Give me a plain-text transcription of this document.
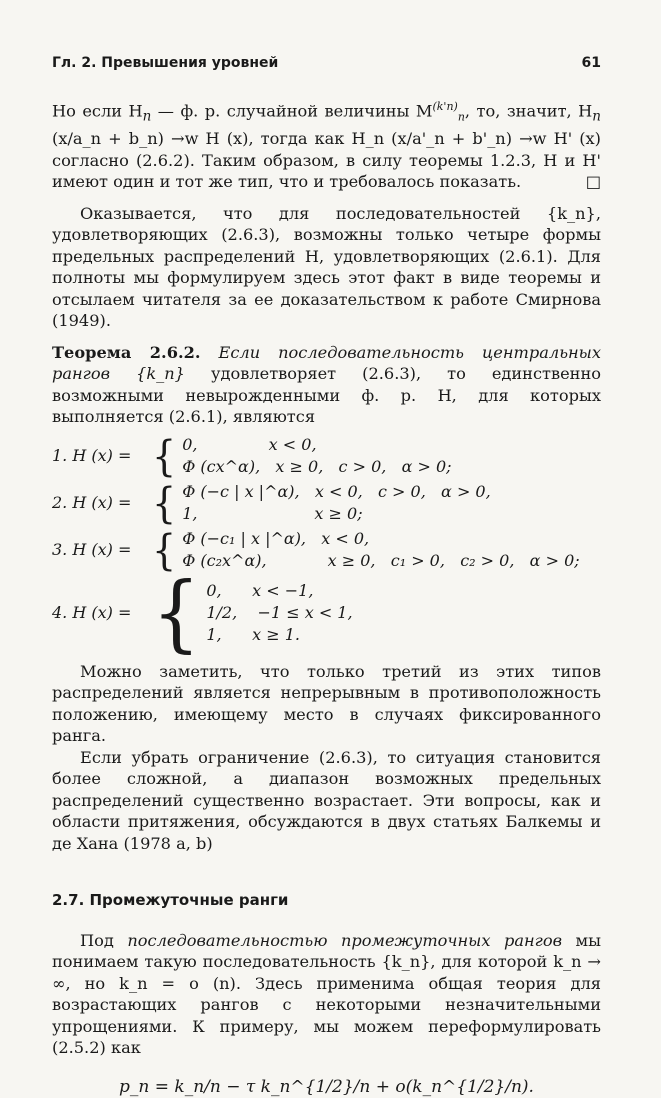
Гл. 2. Превышения уровней	61

Но если $H_n$ — ф. р. случайной величины $M^{(k'n)}_n$, то, значит, $H_n$ (x/a_n + b_n) →w H (x), тогда как H_n (x/a'_n + b'_n) →w H' (x) согласно (2.6.2). Таким образом, в силу теоремы 1.2.3, H и H' имеют один и тот же тип, что и требовалось показать.	□

Оказывается, что для последовательностей {k_n}, удовлетворяющих (2.6.3), возможны только четыре формы предельных распределений H, удовлетворяющих (2.6.1). Для полноты мы формулируем здесь этот факт в виде теоремы и отсылаем читателя за ее доказательством к работе Смирнова (1949).

Теорема 2.6.2. Если последовательность центральных рангов {k_n} удовлетворяет (2.6.3), то единственно возможными невырожденными ф. р. H, для которых выполняется (2.6.1), являются

1. H (x) = { 0,              x < 0,
Φ (cx^α),   x ≥ 0,   c > 0,   α > 0;
2. H (x) = { Φ (−c | x |^α),   x < 0,   c > 0,   α > 0,
1,                       x ≥ 0;
3. H (x) = { Φ (−c₁ | x |^α),   x < 0,
Φ (c₂x^α),            x ≥ 0,   c₁ > 0,   c₂ > 0,   α > 0;
4. H (x) = { 0,      x < −1,
1/2,    −1 ≤ x < 1,
1,      x ≥ 1.

Можно заметить, что только третий из этих типов распределений является непрерывным в противоположность положению, имеющему место в случаях фиксированного ранга.

Если убрать ограничение (2.6.3), то ситуация становится более сложной, а диапазон возможных предельных распределений существенно возрастает. Эти вопросы, как и области притяжения, обсуждаются в двух статьях Балкемы и де Хана (1978 a, b)

2.7. Промежуточные ранги

Под последовательностью промежуточных рангов мы понимаем такую последовательность {k_n}, для которой k_n → ∞, но k_n = o (n). Здесь применима общая теория для возрастающих рангов с некоторыми незначительными упрощениями. К примеру, мы можем переформулировать (2.5.2) как

p_n = k_n/n − τ k_n^{1/2}/n + o(k_n^{1/2}/n).
